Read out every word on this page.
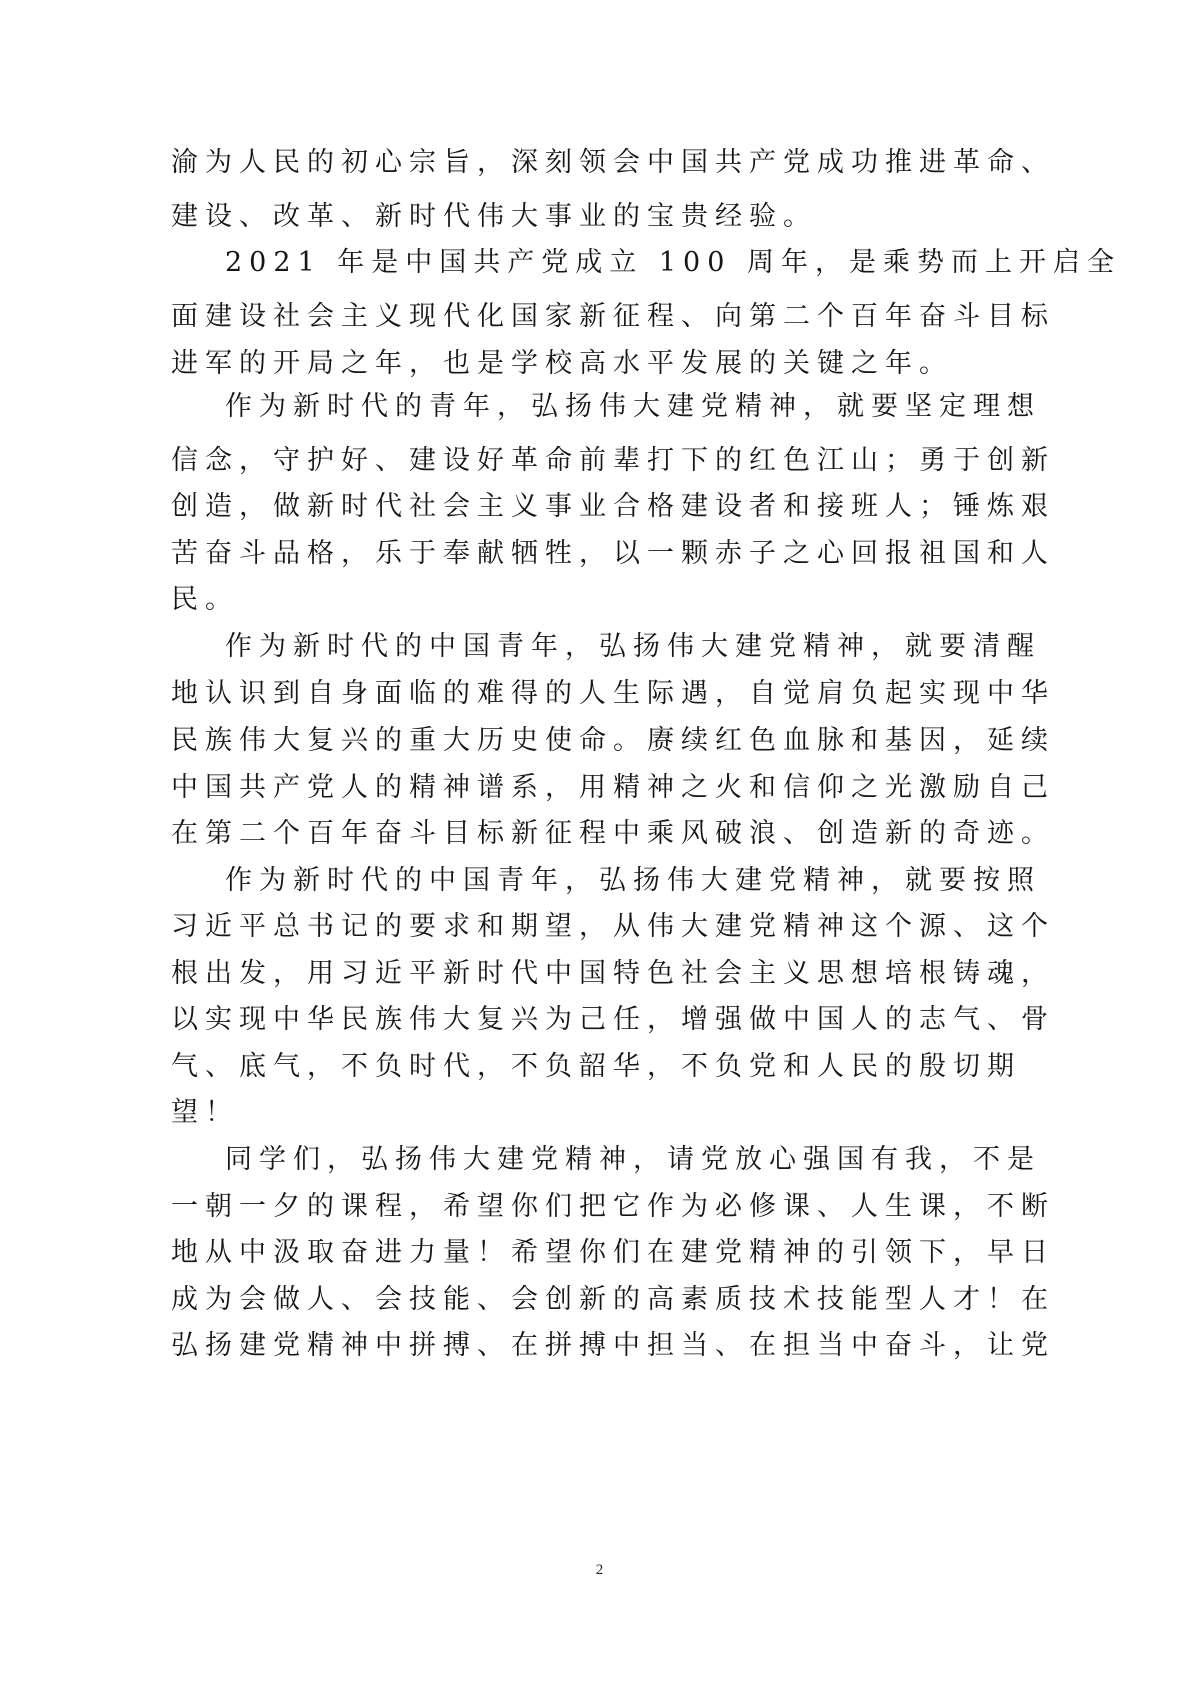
渝为人民的初心宗旨，深刻领会中国共产党成功推进革命、
建设、改革、新时代伟大事业的宝贵经验。
2021 年是中国共产党成立 100 周年，是乘势而上开启全
面建设社会主义现代化国家新征程、向第二个百年奋斗目标
进军的开局之年，也是学校高水平发展的关键之年。
作为新时代的青年，弘扬伟大建党精神，就要坚定理想
信念，守护好、建设好革命前辈打下的红色江山；勇于创新
创造，做新时代社会主义事业合格建设者和接班人；锤炼艰
苦奋斗品格，乐于奉献牺牲，以一颗赤子之心回报祖国和人
民。
作为新时代的中国青年，弘扬伟大建党精神，就要清醒
地认识到自身面临的难得的人生际遇，自觉肩负起实现中华
民族伟大复兴的重大历史使命。赓续红色血脉和基因，延续
中国共产党人的精神谱系，用精神之火和信仰之光激励自己
在第二个百年奋斗目标新征程中乘风破浪、创造新的奇迹。
作为新时代的中国青年，弘扬伟大建党精神，就要按照
习近平总书记的要求和期望，从伟大建党精神这个源、这个
根出发，用习近平新时代中国特色社会主义思想培根铸魂，
以实现中华民族伟大复兴为己任，增强做中国人的志气、骨
气、底气，不负时代，不负韶华，不负党和人民的殷切期
望！
同学们，弘扬伟大建党精神，请党放心强国有我，不是
一朝一夕的课程，希望你们把它作为必修课、人生课，不断
地从中汲取奋进力量！希望你们在建党精神的引领下，早日
成为会做人、会技能、会创新的高素质技术技能型人才！在
弘扬建党精神中拼搏、在拼搏中担当、在担当中奋斗，让党
2
